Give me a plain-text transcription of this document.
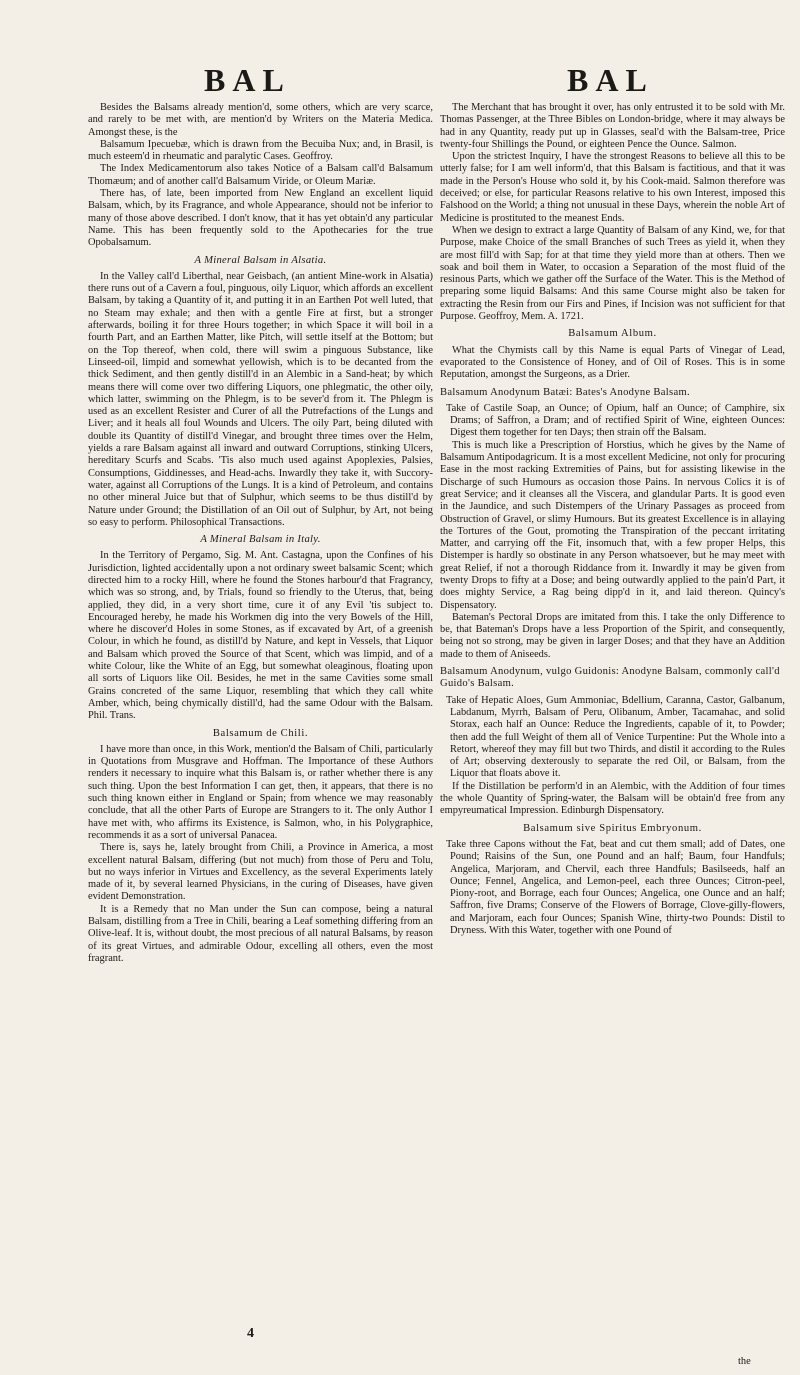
BAL	BAL

Besides the Balsams already mention'd, some others, which are very scarce, and rarely to be met with, are mention'd by Writers on the Materia Medica. Amongst these, is the

Balsamum Ipecuebæ, which is drawn from the Becuiba Nux; and, in Brasil, is much esteem'd in rheumatic and paralytic Cases. Geoffroy.

The Index Medicamentorum also takes Notice of a Balsam call'd Balsamum Thomæum; and of another call'd Balsamum Viride, or Oleum Mariæ.

There has, of late, been imported from New England an excellent liquid Balsam, which, by its Fragrance, and whole Appearance, should not be inferior to many of those above described. I don't know, that it has yet obtain'd any particular Name. This has been frequently sold to the Apothecaries for the true Opobalsamum.

A Mineral Balsam in Alsatia.

In the Valley call'd Liberthal, near Geisbach, (an antient Mine-work in Alsatia) there runs out of a Cavern a foul, pinguous, oily Liquor, which affords an excellent Balsam, by taking a Quantity of it, and putting it in an Earthen Pot well luted, that no Steam may exhale; and then with a gentle Fire at first, but a stronger afterwards, boiling it for three Hours together; in which Space it will boil in a fourth Part, and an Earthen Matter, like Pitch, will settle itself at the Bottom; but on the Top thereof, when cold, there will swim a pinguous Substance, like Linseed-oil, limpid and somewhat yellowish, which is to be decanted from the thick Sediment, and then gently distill'd in an Alembic in a Sand-heat; by which means there will come over two differing Liquors, one phlegmatic, the other oily, which latter, swimming on the Phlegm, is to be sever'd from it. The Phlegm is used as an excellent Resister and Curer of all the Putrefactions of the Lungs and Liver; and it heals all foul Wounds and Ulcers. The oily Part, being diluted with double its Quantity of distill'd Vinegar, and brought three times over the Helm, yields a rare Balsam against all inward and outward Corruptions, stinking Ulcers, hereditary Scurfs and Scabs. 'Tis also much used against Apoplexies, Palsies, Consumptions, Giddinesses, and Head-achs. Inwardly they take it, with Succory-water, against all Corruptions of the Lungs. It is a kind of Petroleum, and contains no other mineral Juice but that of Sulphur, which seems to be thus distill'd by Nature under Ground; the Distillation of an Oil out of Sulphur, by Art, not being so easy to perform. Philosophical Transactions.

A Mineral Balsam in Italy.

In the Territory of Pergamo, Sig. M. Ant. Castagna, upon the Confines of his Jurisdiction, lighted accidentally upon a not ordinary sweet balsamic Scent; which directed him to a rocky Hill, where he found the Stones harbour'd that Fragrancy, which was so strong, and, by Trials, found so friendly to the Uterus, that, being applied, they did, in a very short time, cure it of any Evil 'tis subject to. Encouraged hereby, he made his Workmen dig into the very Bowels of the Hill, where he discover'd Holes in some Stones, as if excavated by Art, of a greenish Colour, in which he found, as distill'd by Nature, and kept in Vessels, that Liquor and Balsam which proved the Source of that Scent, which was limpid, and of a white Colour, like the White of an Egg, but somewhat oleaginous, floating upon all sorts of Liquors like Oil. Besides, he met in the same Cavities some small Grains concreted of the same Liquor, resembling that which they call white Amber, which, being chymically distill'd, had the same Odour with the Balsam. Phil. Trans.

Balsamum de Chili.

I have more than once, in this Work, mention'd the Balsam of Chili, particularly in Quotations from Musgrave and Hoffman. The Importance of these Authors renders it necessary to inquire what this Balsam is, or rather whether there is any such thing. Upon the best Information I can get, then, it appears, that there is no such thing known either in England or Spain; from whence we may reasonably conclude, that all the other Parts of Europe are Strangers to it. The only Author I have met with, who affirms its Existence, is Salmon, who, in his Polygraphice, recommends it as a sort of universal Panacea.

There is, says he, lately brought from Chili, a Province in America, a most excellent natural Balsam, differing (but not much) from those of Peru and Tolu, but no ways inferior in Virtues and Excellency, as the several Experiments lately made of it, by several learned Physicians, in the curing of Diseases, have given evident Demonstration.

It is a Remedy that no Man under the Sun can compose, being a natural Balsam, distilling from a Tree in Chili, bearing a Leaf something differing from an Olive-leaf. It is, without doubt, the most precious of all natural Balsams, by reason of its great Virtues, and admirable Odour, excelling all others, even the most fragrant.

The Merchant that has brought it over, has only entrusted it to be sold with Mr. Thomas Passenger, at the Three Bibles on London-bridge, where it may always be had in any Quantity, ready put up in Glasses, seal'd with the Balsam-tree, Price twenty-four Shillings the Pound, or eighteen Pence the Ounce. Salmon.

Upon the strictest Inquiry, I have the strongest Reasons to believe all this to be utterly false; for I am well inform'd, that this Balsam is factitious, and that it was made in the Person's House who sold it, by his Cook-maid. Salmon therefore was deceived; or else, for particular Reasons relative to his own Interest, imposed this Falshood on the World; a thing not unusual in these Days, wherein the noble Art of Medicine is prostituted to the meanest Ends.

When we design to extract a large Quantity of Balsam of any Kind, we, for that Purpose, make Choice of the small Branches of such Trees as yield it, when they are most fill'd with Sap; for at that time they yield more than at others. Then we soak and boil them in Water, to occasion a Separation of the most fluid of the resinous Parts, which we gather off the Surface of the Water. This is the Method of preparing some liquid Balsams: And this same Course might also be taken for extracting the Resin from our Firs and Pines, if Incision was not sufficient for that Purpose. Geoffroy, Mem. A. 1721.

Balsamum Album.

What the Chymists call by this Name is equal Parts of Vinegar of Lead, evaporated to the Consistence of Honey, and of Oil of Roses. This is in some Reputation, amongst the Surgeons, as a Drier.

Balsamum Anodynum Batæi: Bates's Anodyne Balsam.

Take of Castile Soap, an Ounce; of Opium, half an Ounce; of Camphire, six Drams; of Saffron, a Dram; and of rectified Spirit of Wine, eighteen Ounces: Digest them together for ten Days; then strain off the Balsam.

This is much like a Prescription of Horstius, which he gives by the Name of Balsamum Antipodagricum. It is a most excellent Medicine, not only for procuring Ease in the most racking Extremities of Pains, but for assisting likewise in the Discharge of such Humours as occasion those Pains. In nervous Colics it is of great Service; and it cleanses all the Viscera, and glandular Parts. It is good even in the Jaundice, and such Distempers of the Urinary Passages as proceed from Obstruction of Gravel, or slimy Humours. But its greatest Excellence is in allaying the Tortures of the Gout, promoting the Transpiration of the peccant irritating Matter, and carrying off the Fit, insomuch that, with a few proper Helps, this Distemper is hardly so obstinate in any Person whatsoever, but he may meet with great Relief, if not a thorough Riddance from it. Inwardly it may be given from twenty Drops to fifty at a Dose; and being outwardly applied to the pain'd Part, it does mighty Service, a Rag being dipp'd in it, and laid thereon. Quincy's Dispensatory.

Bateman's Pectoral Drops are imitated from this. I take the only Difference to be, that Bateman's Drops have a less Proportion of the Spirit, and consequently, being not so strong, may be given in larger Doses; and that they have an Addition made to them of Aniseeds.

Balsamum Anodynum, vulgo Guidonis: Anodyne Balsam, commonly call'd Guido's Balsam.

Take of Hepatic Aloes, Gum Ammoniac, Bdellium, Caranna, Castor, Galbanum, Labdanum, Myrrh, Balsam of Peru, Olibanum, Amber, Tacamahac, and solid Storax, each half an Ounce: Reduce the Ingredients, capable of it, to Powder; then add the full Weight of them all of Venice Turpentine: Put the Whole into a Retort, whereof they may fill but two Thirds, and distil it according to the Rules of Art; observing dexterously to separate the red Oil, or Balsam, from the Liquor that floats above it.

If the Distillation be perform'd in an Alembic, with the Addition of four times the whole Quantity of Spring-water, the Balsam will be obtain'd free from any empyreumatical Impression. Edinburgh Dispensatory.

Balsamum sive Spiritus Embryonum.

Take three Capons without the Fat, beat and cut them small; add of Dates, one Pound; Raisins of the Sun, one Pound and an half; Baum, four Handfuls; Angelica, Marjoram, and Chervil, each three Handfuls; Basilseeds, half an Ounce; Fennel, Angelica, and Lemon-peel, each three Ounces; Citron-peel, Piony-root, and Borrage, each four Ounces; Angelica, one Ounce and an half; Saffron, five Drams; Conserve of the Flowers of Borrage, Clove-gilly-flowers, and Marjoram, each four Ounces; Spanish Wine, thirty-two Pounds: Distil to Dryness. With this Water, together with one Pound of

4
the
